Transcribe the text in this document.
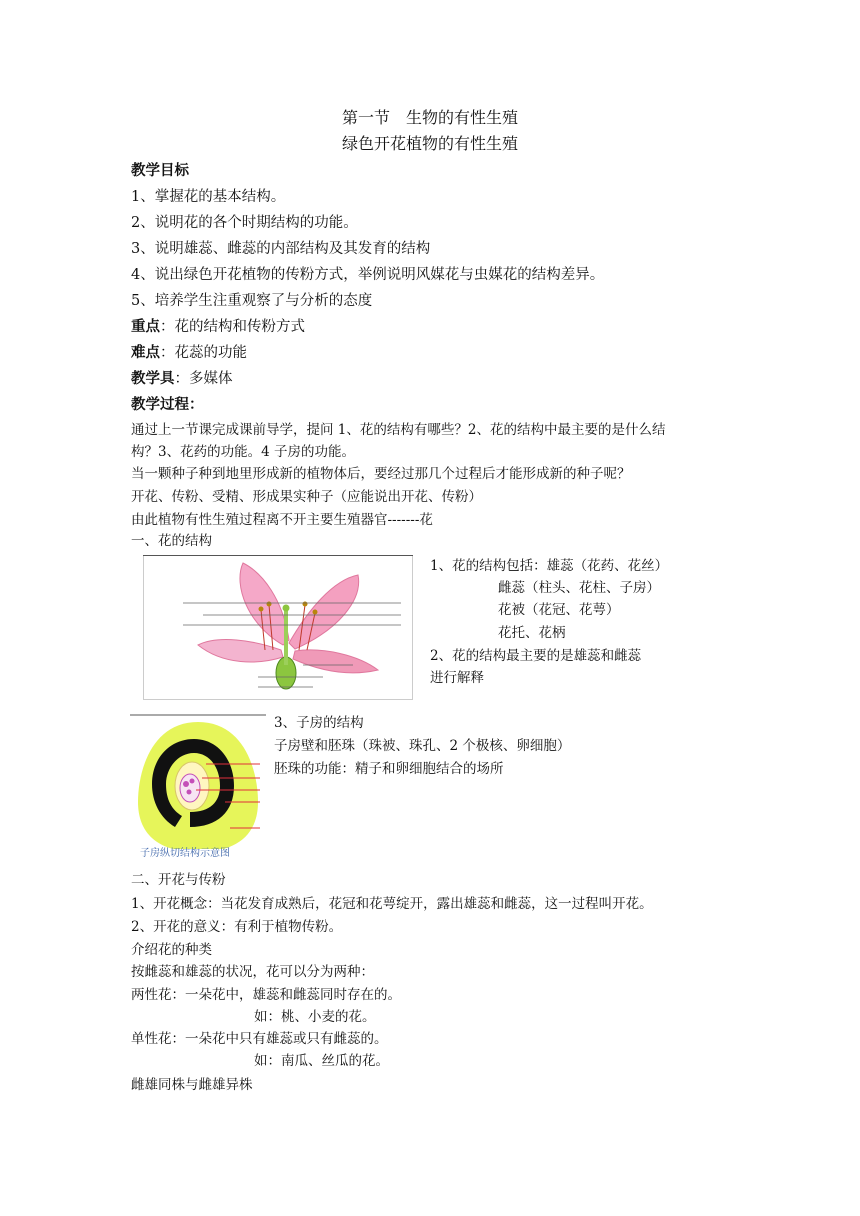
第一节　生物的有性生殖
绿色开花植物的有性生殖
教学目标
1、掌握花的基本结构。
2、说明花的各个时期结构的功能。
3、说明雄蕊、雌蕊的内部结构及其发育的结构
4、说出绿色开花植物的传粉方式，举例说明风媒花与虫媒花的结构差异。
5、培养学生注重观察了与分析的态度
重点：花的结构和传粉方式
难点：花蕊的功能
教学具：多媒体
教学过程：
通过上一节课完成课前导学，提问 1、花的结构有哪些？2、花的结构中最主要的是什么结
构？3、花药的功能。4 子房的功能。
当一颗种子种到地里形成新的植物体后，要经过那几个过程后才能形成新的种子呢？
开花、传粉、受精、形成果实种子（应能说出开花、传粉）
由此植物有性生殖过程离不开主要生殖器官-------花
一、花的结构
1、花的结构包括：雄蕊（花药、花丝）
雌蕊（柱头、花柱、子房）
花被（花冠、花萼）
花托、花柄
2、花的结构最主要的是雄蕊和雌蕊
进行解释
子房纵切结构示意图
3、子房的结构
子房壁和胚珠（珠被、珠孔、2 个极核、卵细胞）
胚珠的功能：精子和卵细胞结合的场所
二、开花与传粉
1、开花概念：当花发育成熟后，花冠和花萼绽开，露出雄蕊和雌蕊，这一过程叫开花。
2、开花的意义：有利于植物传粉。
介绍花的种类
按雌蕊和雄蕊的状况，花可以分为两种：
两性花：一朵花中，雄蕊和雌蕊同时存在的。
如：桃、小麦的花。
单性花：一朵花中只有雄蕊或只有雌蕊的。
如：南瓜、丝瓜的花。
雌雄同株与雌雄异株
